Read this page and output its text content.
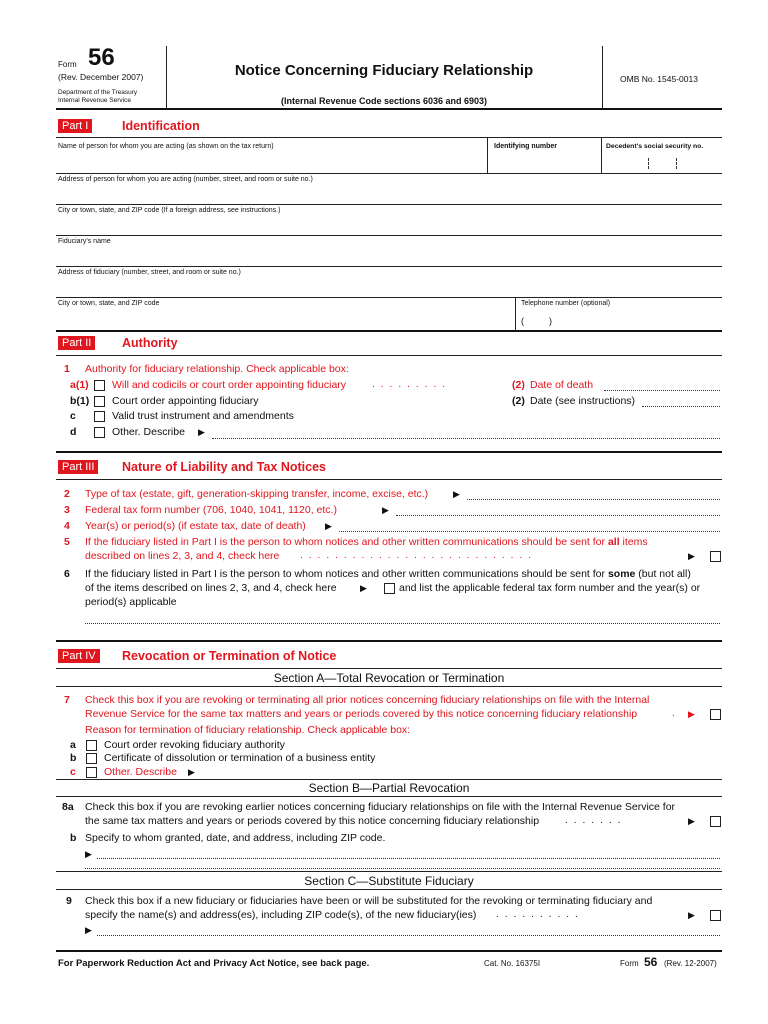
Form 56
(Rev. December 2007)
Department of the Treasury
Internal Revenue Service
Notice Concerning Fiduciary Relationship
(Internal Revenue Code sections 6036 and 6903)
OMB No. 1545-0013
Part I	Identification
Name of person for whom you are acting (as shown on the tax return)	Identifying number	Decedent's social security no.
Address of person for whom you are acting (number, street, and room or suite no.)
City or town, state, and ZIP code (If a foreign address, see instructions.)
Fiduciary's name
Address of fiduciary (number, street, and room or suite no.)
City or town, state, and ZIP code	Telephone number (optional)
(          )
Part II	Authority
1 Authority for fiduciary relationship. Check applicable box:
a(1) Will and codicils or court order appointing fiduciary	.........	(2) Date of death
b(1) Court order appointing fiduciary	(2) Date (see instructions)
c	Valid trust instrument and amendments
d	Other. Describe ▶
Part III	Nature of Liability and Tax Notices
2 Type of tax (estate, gift, generation-skipping transfer, income, excise, etc.)	▶
3 Federal tax form number (706, 1040, 1041, 1120, etc.)	▶
4 Year(s) or period(s) (if estate tax, date of death) ▶
5 If the fiduciary listed in Part I is the person to whom notices and other written communications should be sent for all items
described on lines 2, 3, and 4, check here ...........................	▶
6 If the fiduciary listed in Part I is the person to whom notices and other written communications should be sent for some (but not all)
of the items described on lines 2, 3, and 4, check here	▶	and list the applicable federal tax form number and the year(s) or
period(s) applicable
Part IV	Revocation or Termination of Notice
Section A—Total Revocation or Termination
7 Check this box if you are revoking or terminating all prior notices concerning fiduciary relationships on file with the Internal
Revenue Service for the same tax matters and years or periods covered by this notice concerning fiduciary relationship	. ▶
Reason for termination of fiduciary relationship. Check applicable box:
a	Court order revoking fiduciary authority
b	Certificate of dissolution or termination of a business entity
c	Other. Describe ▶
Section B—Partial Revocation
8a Check this box if you are revoking earlier notices concerning fiduciary relationships on file with the Internal Revenue Service for
the same tax matters and years or periods covered by this notice concerning fiduciary relationship	.......	▶
b Specify to whom granted, date, and address, including ZIP code.
▶
Section C—Substitute Fiduciary
9 Check this box if a new fiduciary or fiduciaries have been or will be substituted for the revoking or terminating fiduciary and
specify the name(s) and address(es), including ZIP code(s), of the new fiduciary(ies) ..........	▶
▶
For Paperwork Reduction Act and Privacy Act Notice, see back page.	Cat. No. 16375I	Form 56 (Rev. 12-2007)
